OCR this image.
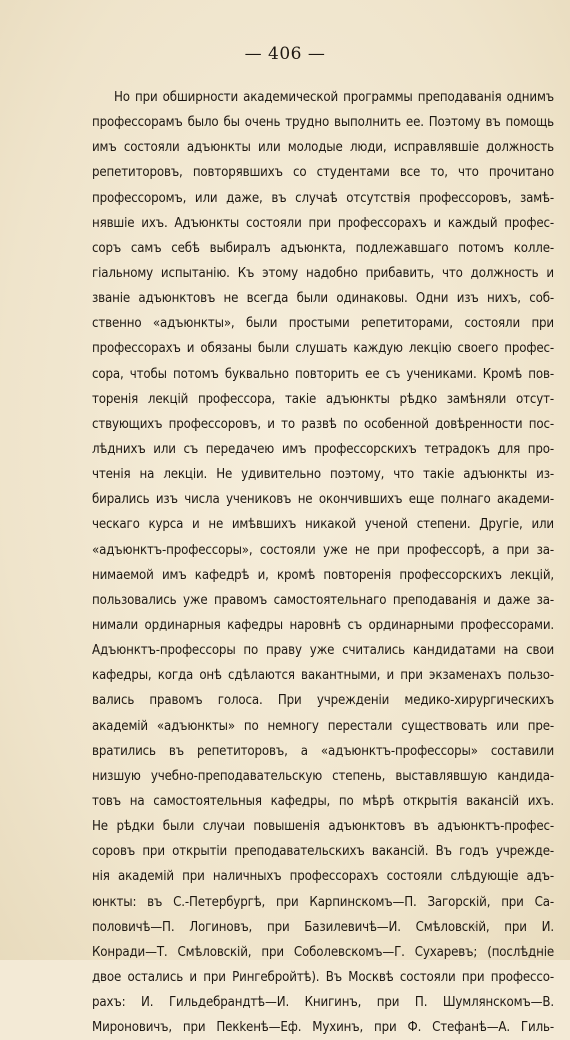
— 406 —
Но при обширности академической программы преподаванія однимъ
профессорамъ было бы очень трудно выполнить ее. Поэтому въ помощь
имъ состояли адъюнкты или молодые люди, исправлявшіе должность
репетиторовъ, повторявшихъ со студентами все то, что прочитано
профессоромъ, или даже, въ случаѣ отсутствія профессоровъ, замѣ-
нявшіе ихъ. Адъюнкты состояли при профессорахъ и каждый профес-
соръ самъ себѣ выбиралъ адъюнкта, подлежавшаго потомъ колле-
гіальному испытанію. Къ этому надобно прибавить, что должность и
званіе адъюнктовъ не всегда были одинаковы. Одни изъ нихъ, соб-
ственно «адъюнкты», были простыми репетиторами, состояли при
профессорахъ и обязаны были слушать каждую лекцію своего профес-
сора, чтобы потомъ буквально повторить ее съ учениками. Кромѣ пов-
торенія лекцій профессора, такіе адъюнкты рѣдко замѣняли отсут-
ствующихъ профессоровъ, и то развѣ по особенной довѣренности пос-
лѣднихъ или съ передачею имъ профессорскихъ тетрадокъ для про-
чтенія на лекціи. Не удивительно поэтому, что такіе адъюнкты из-
бирались изъ числа учениковъ не окончившихъ еще полнаго академи-
ческаго курса и не имѣвшихъ никакой ученой степени. Другіе, или
«адъюнктъ-профессоры», состояли уже не при профессорѣ, а при за-
нимаемой имъ кафедрѣ и, кромѣ повторенія профессорскихъ лекцій,
пользовались уже правомъ самостоятельнаго преподаванія и даже за-
нимали ординарныя кафедры наровнѣ съ ординарными профессорами.
Адъюнктъ-профессоры по праву уже считались кандидатами на свои
кафедры, когда онѣ сдѣлаются вакантными, и при экзаменахъ пользо-
вались правомъ голоса. При учрежденіи медико-хирургическихъ
академій «адъюнкты» по немногу перестали существовать или пре-
вратились въ репетиторовъ, а «адъюнктъ-профессоры» составили
низшую учебно-преподавательскую степень, выставлявшую кандида-
товъ на самостоятельныя кафедры, по мѣрѣ открытія вакансій ихъ.
Не рѣдки были случаи повышенія адъюнктовъ въ адъюнктъ-профес-
соровъ при открытіи преподавательскихъ вакансій. Въ годъ учрежде-
нія академій при наличныхъ профессорахъ состояли слѣдующіе адъ-
юнкты: въ С.-Петербургѣ, при Карпинскомъ—П. Загорскій, при Са-
половичѣ—П. Логиновъ, при Базилевичѣ—И. Смѣловскій, при И.
Конради—Т. Смѣловскій, при Соболевскомъ—Г. Сухаревъ; (послѣдніе
двое остались и при Рингебройтѣ). Въ Москвѣ состояли при профессо-
рахъ: И. Гильдебрандтѣ—И. Книгинъ, при П. Шумлянскомъ—В.
Мироновичъ, при Пекkенѣ—Еф. Мухинъ, при Ф. Стефанѣ—А. Гиль-
